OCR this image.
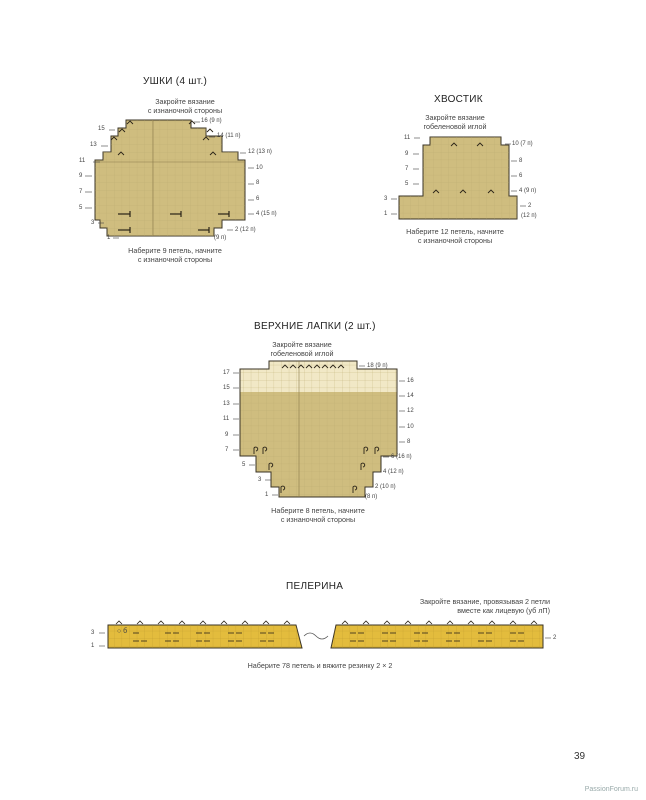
УШКИ (4 шт.)
Закройте вязание
с изнаночной стороны
15
13
11
9
7
5
3
1
16 (9 п)
14 (11 п)
12 (13 п)
10
8
6
4 (15 п)
2 (12 п)
(9 п)
Наберите 9 петель, начните
с изнаночной стороны
ХВОСТИК
Закройте вязание
гобеленовой иглой
11
9
7
5
3
1
10 (7 п)
8
6
4 (9 п)
2
(12 п)
Наберите 12 петель, начните
с изнаночной стороны
ВЕРХНИЕ ЛАПКИ (2 шт.)
Закройте вязание
гобеленовой иглой
17
15
13
11
9
7
5
3
1
18 (9 п)
16
14
12
10
8
6 (16 п)
4 (12 п)
2 (10 п)
(8 п)
Наберите 8 петель, начните
с изнаночной стороны
ПЕЛЕРИНА
Закройте вязание, провязывая 2 петли
вместе как лицевую (уб лП)
○ б
3
1
2
Наберите 78 петель и вяжите резинку 2 × 2
39
PassionForum.ru
